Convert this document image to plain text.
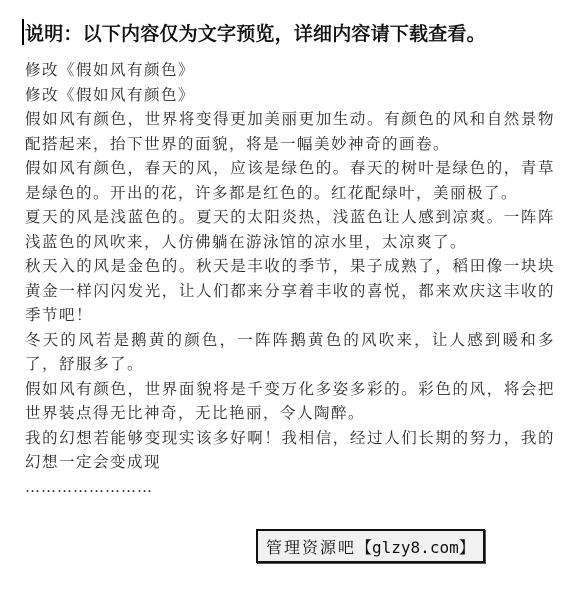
说明：以下内容仅为文字预览，详细内容请下载查看。

修改《假如风有颜色》

修改《假如风有颜色》

假如风有颜色，世界将变得更加美丽更加生动。有颜色的风和自然景物配搭起来，抬下世界的面貌，将是一幅美妙神奇的画卷。

假如风有颜色，春天的风，应该是绿色的。春天的树叶是绿色的，青草是绿色的。开出的花，许多都是红色的。红花配绿叶，美丽极了。

夏天的风是浅蓝色的。夏天的太阳炎热，浅蓝色让人感到凉爽。一阵阵浅蓝色的风吹来，人仿佛躺在游泳馆的凉水里，太凉爽了。

秋天入的风是金色的。秋天是丰收的季节，果子成熟了，稻田像一块块黄金一样闪闪发光，让人们都来分享着丰收的喜悦，都来欢庆这丰收的季节吧！

冬天的风若是鹅黄的颜色，一阵阵鹅黄色的风吹来，让人感到暖和多了，舒服多了。

假如风有颜色，世界面貌将是千变万化多姿多彩的。彩色的风，将会把世界装点得无比神奇，无比艳丽，令人陶醉。

我的幻想若能够变现实该多好啊！我相信，经过人们长期的努力，我的幻想一定会变成现

……………………
管理资源吧 【glzy8.com】
